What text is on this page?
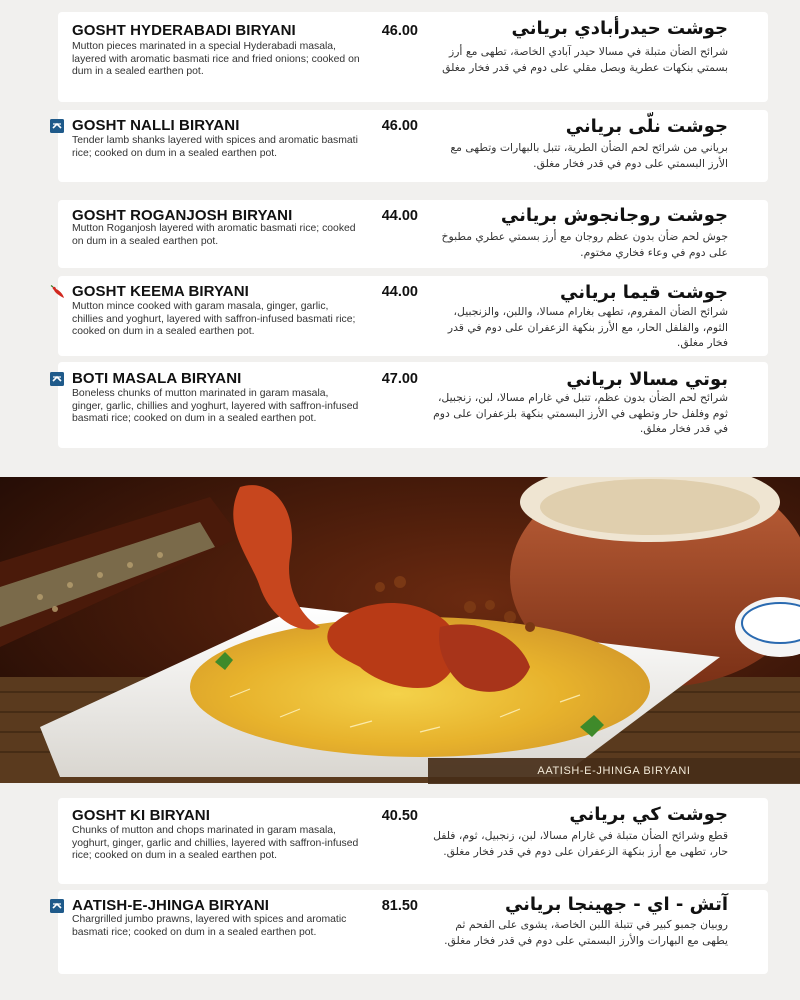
GOSHT HYDERABADI BIRYANI
Mutton pieces marinated in a special Hyderabadi masala, layered with aromatic basmati rice and fried onions; cooked on dum in a sealed earthen pot.
46.00	جوشت حيدرأبادي برياني
شرائح الضأن متبلة في مسالا حيدر آبادي الخاصة، تطهى مع أرز بسمتي بنكهات عطرية وبصل مقلي على دوم في قدر فخار مغلق
GOSHT NALLI BIRYANI
Tender lamb shanks layered with spices and aromatic basmati rice; cooked on dum in a sealed earthen pot.
46.00	جوشت نلّى برياني
برياني من شرائح لحم الضأن الطرية، تتبل بالبهارات وتطهى مع الأرز البسمتي على دوم في قدر فخار مغلق.
GOSHT ROGANJOSH BIRYANI
Mutton Roganjosh layered with aromatic basmati rice; cooked on dum in a sealed earthen pot.
44.00	جوشت روجانجوش برياني
جوش لحم ضأن بدون عظم روجان مع أرز بسمتي عطري مطبوخ على دوم في وعاء فخاري مختوم.
GOSHT KEEMA BIRYANI
Mutton mince cooked with garam masala, ginger, garlic, chillies and yoghurt, layered with saffron-infused basmati rice; cooked on dum in a sealed earthen pot.
44.00	جوشت قيما برياني
شرائح الضأن المفروم، تطهى بغارام مسالا، واللبن، والزنجبيل، الثوم، والفلفل الحار، مع الأرز بنكهة الزعفران على دوم في قدر فخار مغلق.
BOTI MASALA BIRYANI
Boneless chunks of mutton marinated in garam masala, ginger, garlic, chillies and yoghurt, layered with saffron-infused basmati rice; cooked on dum in a sealed earthen pot.
47.00	بوتي مسالا برياني
شرائح لحم الضأن بدون عظم، تتبل في غارام مسالا، لبن، زنجبيل، ثوم وفلفل حار وتطهى في الأرز البسمتي بنكهة بلزعفران على دوم في قدر فخار مغلق.
AATISH-E-JHINGA BIRYANI
GOSHT KI BIRYANI
Chunks of mutton and chops marinated in garam masala, yoghurt, ginger, garlic and chillies, layered with saffron-infused rice; cooked on dum in a sealed earthen pot.
40.50	جوشت كي برياني
قطع وشرائح الضأن متبلة في غارام مسالا، لبن، زنجبيل، ثوم، فلفل حار، تطهى مع أرز بنكهة الزعفران على دوم في قدر فخار مغلق.
AATISH-E-JHINGA BIRYANI
Chargrilled jumbo prawns, layered with spices and aromatic basmati rice; cooked on dum in a sealed earthen pot.
81.50	آتش - اي - جهينجا برياني
روبيان جمبو كبير في تتبلة اللبن الخاصة، يشوى على الفحم ثم يطهى مع البهارات والأرز البسمتي على دوم في قدر فخار مغلق.
